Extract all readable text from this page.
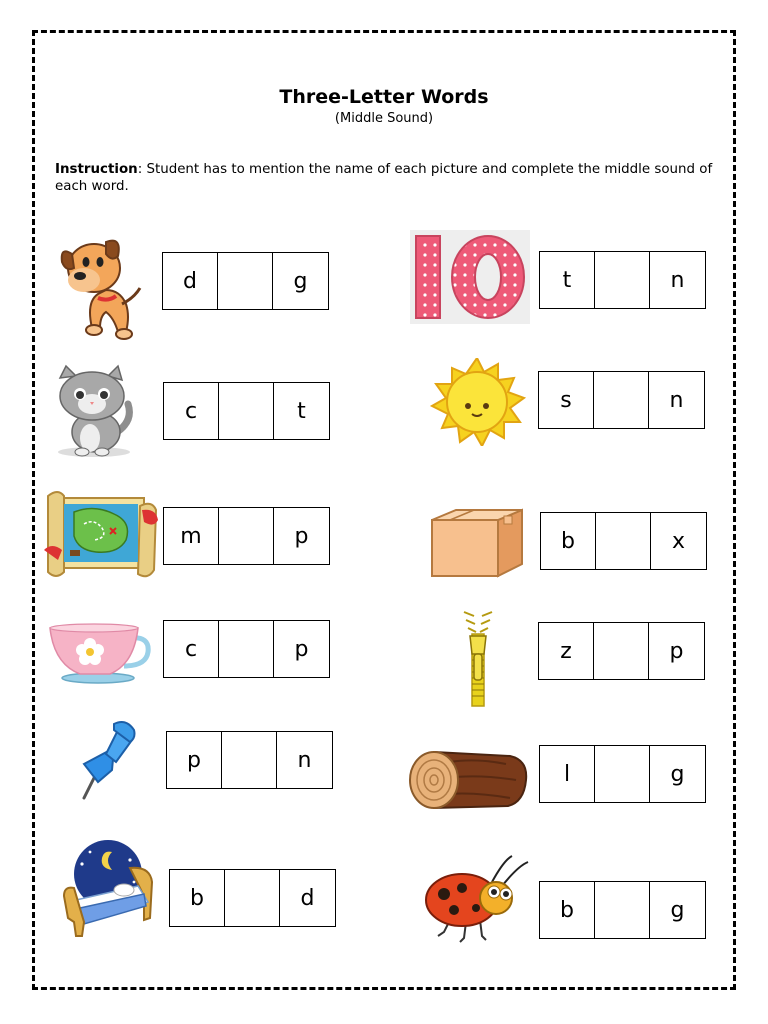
Three-Letter Words
(Middle Sound)
Instruction: Student has to mention the name of each picture and complete the middle sound of each word.
d	g
c	t
m	p
c	p
p	n
b	d
t	n
s	n
b	x
z	p
l	g
b	g
